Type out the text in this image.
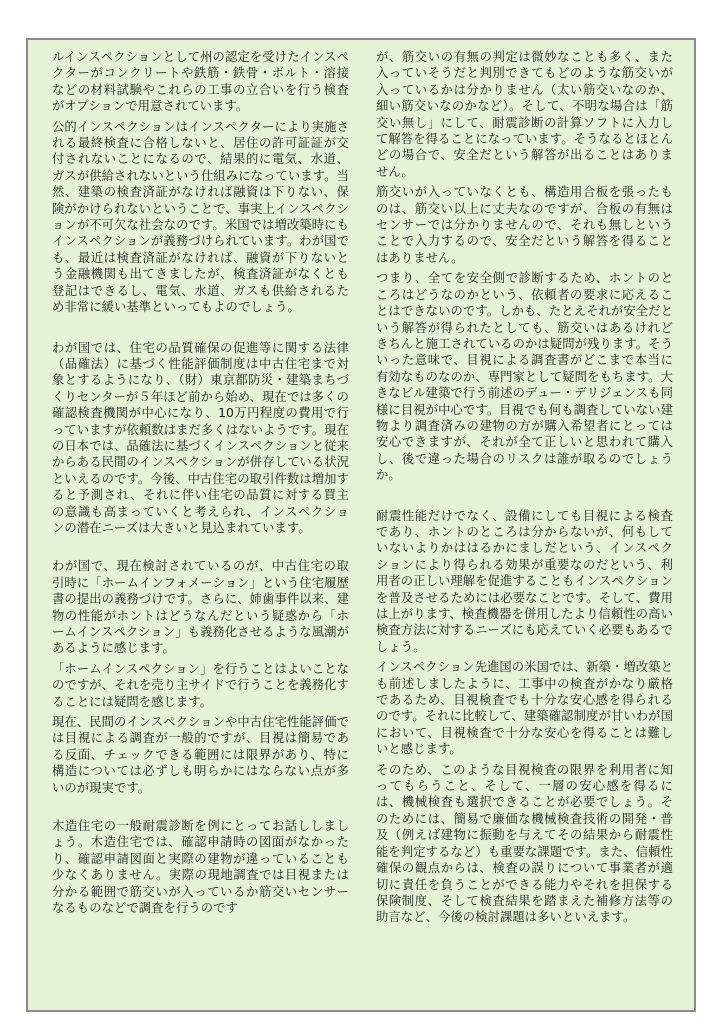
ルインスペクションとして州の認定を受けたインスペクターがコンクリートや鉄筋・鉄骨・ボルト・溶接などの材料試験やこれらの工事の立合いを行う検査がオプションで用意されています。

公的インスペクションはインスペクターにより実施される最終検査に合格しないと、居住の許可証証が交付されないことになるので、結果的に電気、水道、ガスが供給されないという仕組みになっています。当然、建築の検査済証がなければ融資は下りない、保険がかけられないということで、事実上インスペクションが不可欠な社会なのです。米国では増改築時にもインスペクションが義務づけられています。わが国でも、最近は検査済証がなければ、融資が下りないとう金融機関も出てきましたが、検査済証がなくとも登記はできるし、電気、水道、ガスも供給されるため非常に緩い基準といってもよのでしょう。

わが国では、住宅の品質確保の促進等に関する法律（品確法）に基づく性能評価制度は中古住宅まで対象とするようになり、（財）東京都防災・建築まちづくりセンターが５年ほど前から始め、現在では多くの確認検査機関が中心になり、10万円程度の費用で行っていますが依頼数はまだ多くはないようです。現在の日本では、品確法に基づくインスペクションと従来からある民間のインスペクションが併存している状況といえるのです。今後、中古住宅の取引件数は増加すると予測され、それに伴い住宅の品質に対する買主の意識も高まっていくと考えられ、インスペクションの潜在ニーズは大きいと見込まれています。

わが国で、現在検討されているのが、中古住宅の取引時に「ホームインフォメーション」という住宅履歴書の提出の義務づけです。さらに、姉歯事件以来、建物の性能がホントはどうなんだという疑惑から「ホームインスペクション」も義務化させるような風潮があるように感じます。

「ホームインスペクション」を行うことはよいことなのですが、それを売り主サイドで行うことを義務化することには疑問を感じます。

現在、民間のインスペクションや中古住宅性能評価では目視による調査が一般的ですが、目視は簡易である反面、チェックできる範囲には限界があり、特に構造については必ずしも明らかにはならない点が多いのが現実です。

木造住宅の一般耐震診断を例にとってお話ししましょう。木造住宅では、確認申請時の図面がなかったり、確認申請図面と実際の建物が違っていることも少なくありません。実際の現地調査では目視または分かる範囲で筋交いが入っているか筋交いセンサーなるものなどで調査を行うのです

が、筋交いの有無の判定は微妙なことも多く、また入っていそうだと判別できてもどのような筋交いが入っているかは分かりません（太い筋交いなのか、細い筋交いなのかなど）。そして、不明な場合は「筋交い無し」にして、耐震診断の計算ソフトに入力して解答を得ることになっています。そうなるとほとんどの場合で、安全だという解答が出ることはありません。

筋交いが入っていなくとも、構造用合板を張ったものは、筋交い以上に丈夫なのですが、合板の有無はセンサーでは分かりませんので、それも無しということで入力するので、安全だという解答を得ることはありません。

つまり、全てを安全側で診断するため、ホントのところはどうなのかという、依頼者の要求に応えることはできないのです。しかも、たとえそれが安全だという解答が得られたとしても、筋交いはあるけれどきちんと施工されているのかは疑問が残ります。そういった意味で、目視による調査書がどこまで本当に有効なものなのか、専門家として疑問をもちます。大きなビル建築で行う前述のデュー・デリジェンスも同様に目視が中心です。目視でも何も調査していない建物より調査済みの建物の方が購入希望者にとっては安心できますが、それが全て正しいと思われて購入し、後で違った場合のリスクは誰が取るのでしょうか。

耐震性能だけでなく、設備にしても目視による検査であり、ホントのところは分からないが、何もしていないよりかははるかにましだという、インスペクションにより得られる効果が重要なのだという、利用者の正しい理解を促進することもインスペクションを普及させるためには必要なことです。そして、費用は上がります、検査機器を併用したより信頼性の高い検査方法に対するニーズにも応えていく必要もあるでしょう。

インスペクション先進国の米国では、新築・増改築とも前述しましたように、工事中の検査がかなり厳格であるため、目視検査でも十分な安心感を得られるのです。それに比較して、建築確認制度が甘いわが国において、目視検査で十分な安心を得ることは難しいと感じます。

そのため、このような目視検査の限界を利用者に知ってもらうこと、そして、一層の安心感を得るには、機械検査も選択できることが必要でしょう。そのためには、簡易で廉価な機械検査技術の開発・普及（例えば建物に振動を与えてその結果から耐震性能を判定するなど）も重要な課題です。また、信頼性確保の観点からは、検査の誤りについて事業者が適切に責任を負うことができる能力やそれを担保する保険制度、そして検査結果を踏まえた補修方法等の助言など、今後の検討課題は多いといえます。
